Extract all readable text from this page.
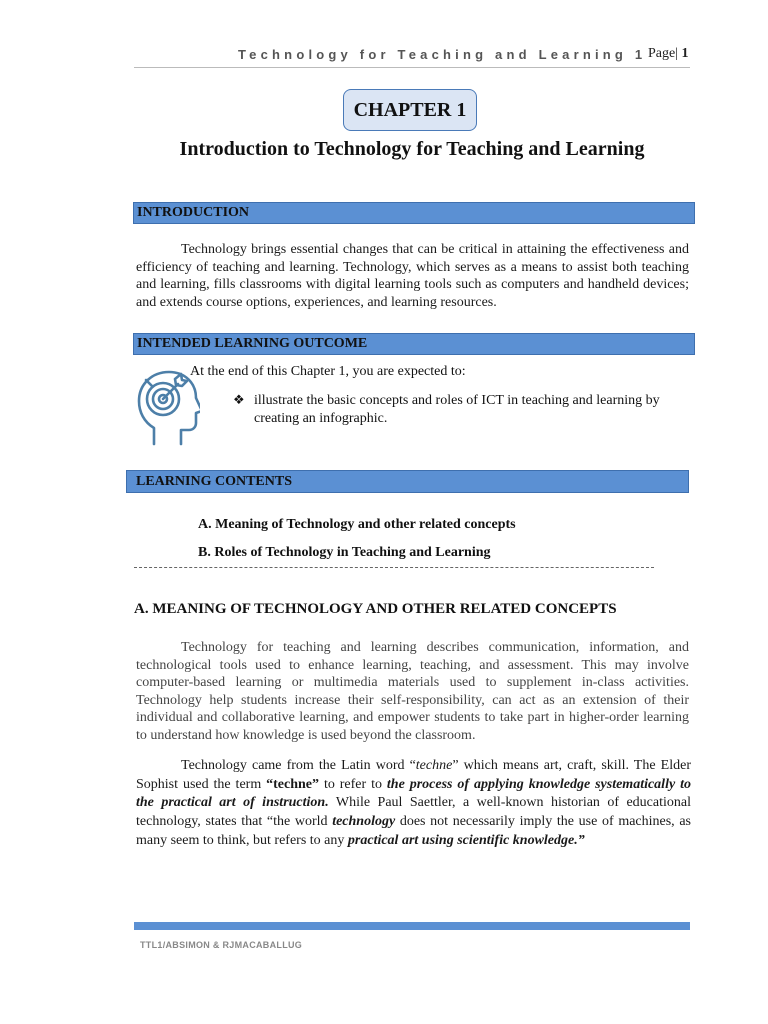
Technology for Teaching and Learning 1 Page| 1
CHAPTER 1
Introduction to Technology for Teaching and Learning
INTRODUCTION
Technology brings essential changes that can be critical in attaining the effectiveness and efficiency of teaching and learning. Technology, which serves as a means to assist both teaching and learning, fills classrooms with digital learning tools such as computers and handheld devices; and extends course options, experiences, and learning resources.
INTENDED LEARNING OUTCOME
At the end of this Chapter 1, you are expected to:
❖ illustrate the basic concepts and roles of ICT in teaching and learning by creating an infographic.
LEARNING CONTENTS
A. Meaning of Technology and other related concepts
B. Roles of Technology in Teaching and Learning
A. MEANING OF TECHNOLOGY AND OTHER RELATED CONCEPTS
Technology for teaching and learning describes communication, information, and technological tools used to enhance learning, teaching, and assessment. This may involve computer-based learning or multimedia materials used to supplement in-class activities. Technology help students increase their self-responsibility, can act as an extension of their individual and collaborative learning, and empower students to take part in higher-order learning to understand how knowledge is used beyond the classroom.
Technology came from the Latin word “techne” which means art, craft, skill. The Elder Sophist used the term “techne” to refer to the process of applying knowledge systematically to the practical art of instruction. While Paul Saettler, a well-known historian of educational technology, states that “the world technology does not necessarily imply the use of machines, as many seem to think, but refers to any practical art using scientific knowledge.”
TTL1/ABSIMON & RJMACABALLUG
